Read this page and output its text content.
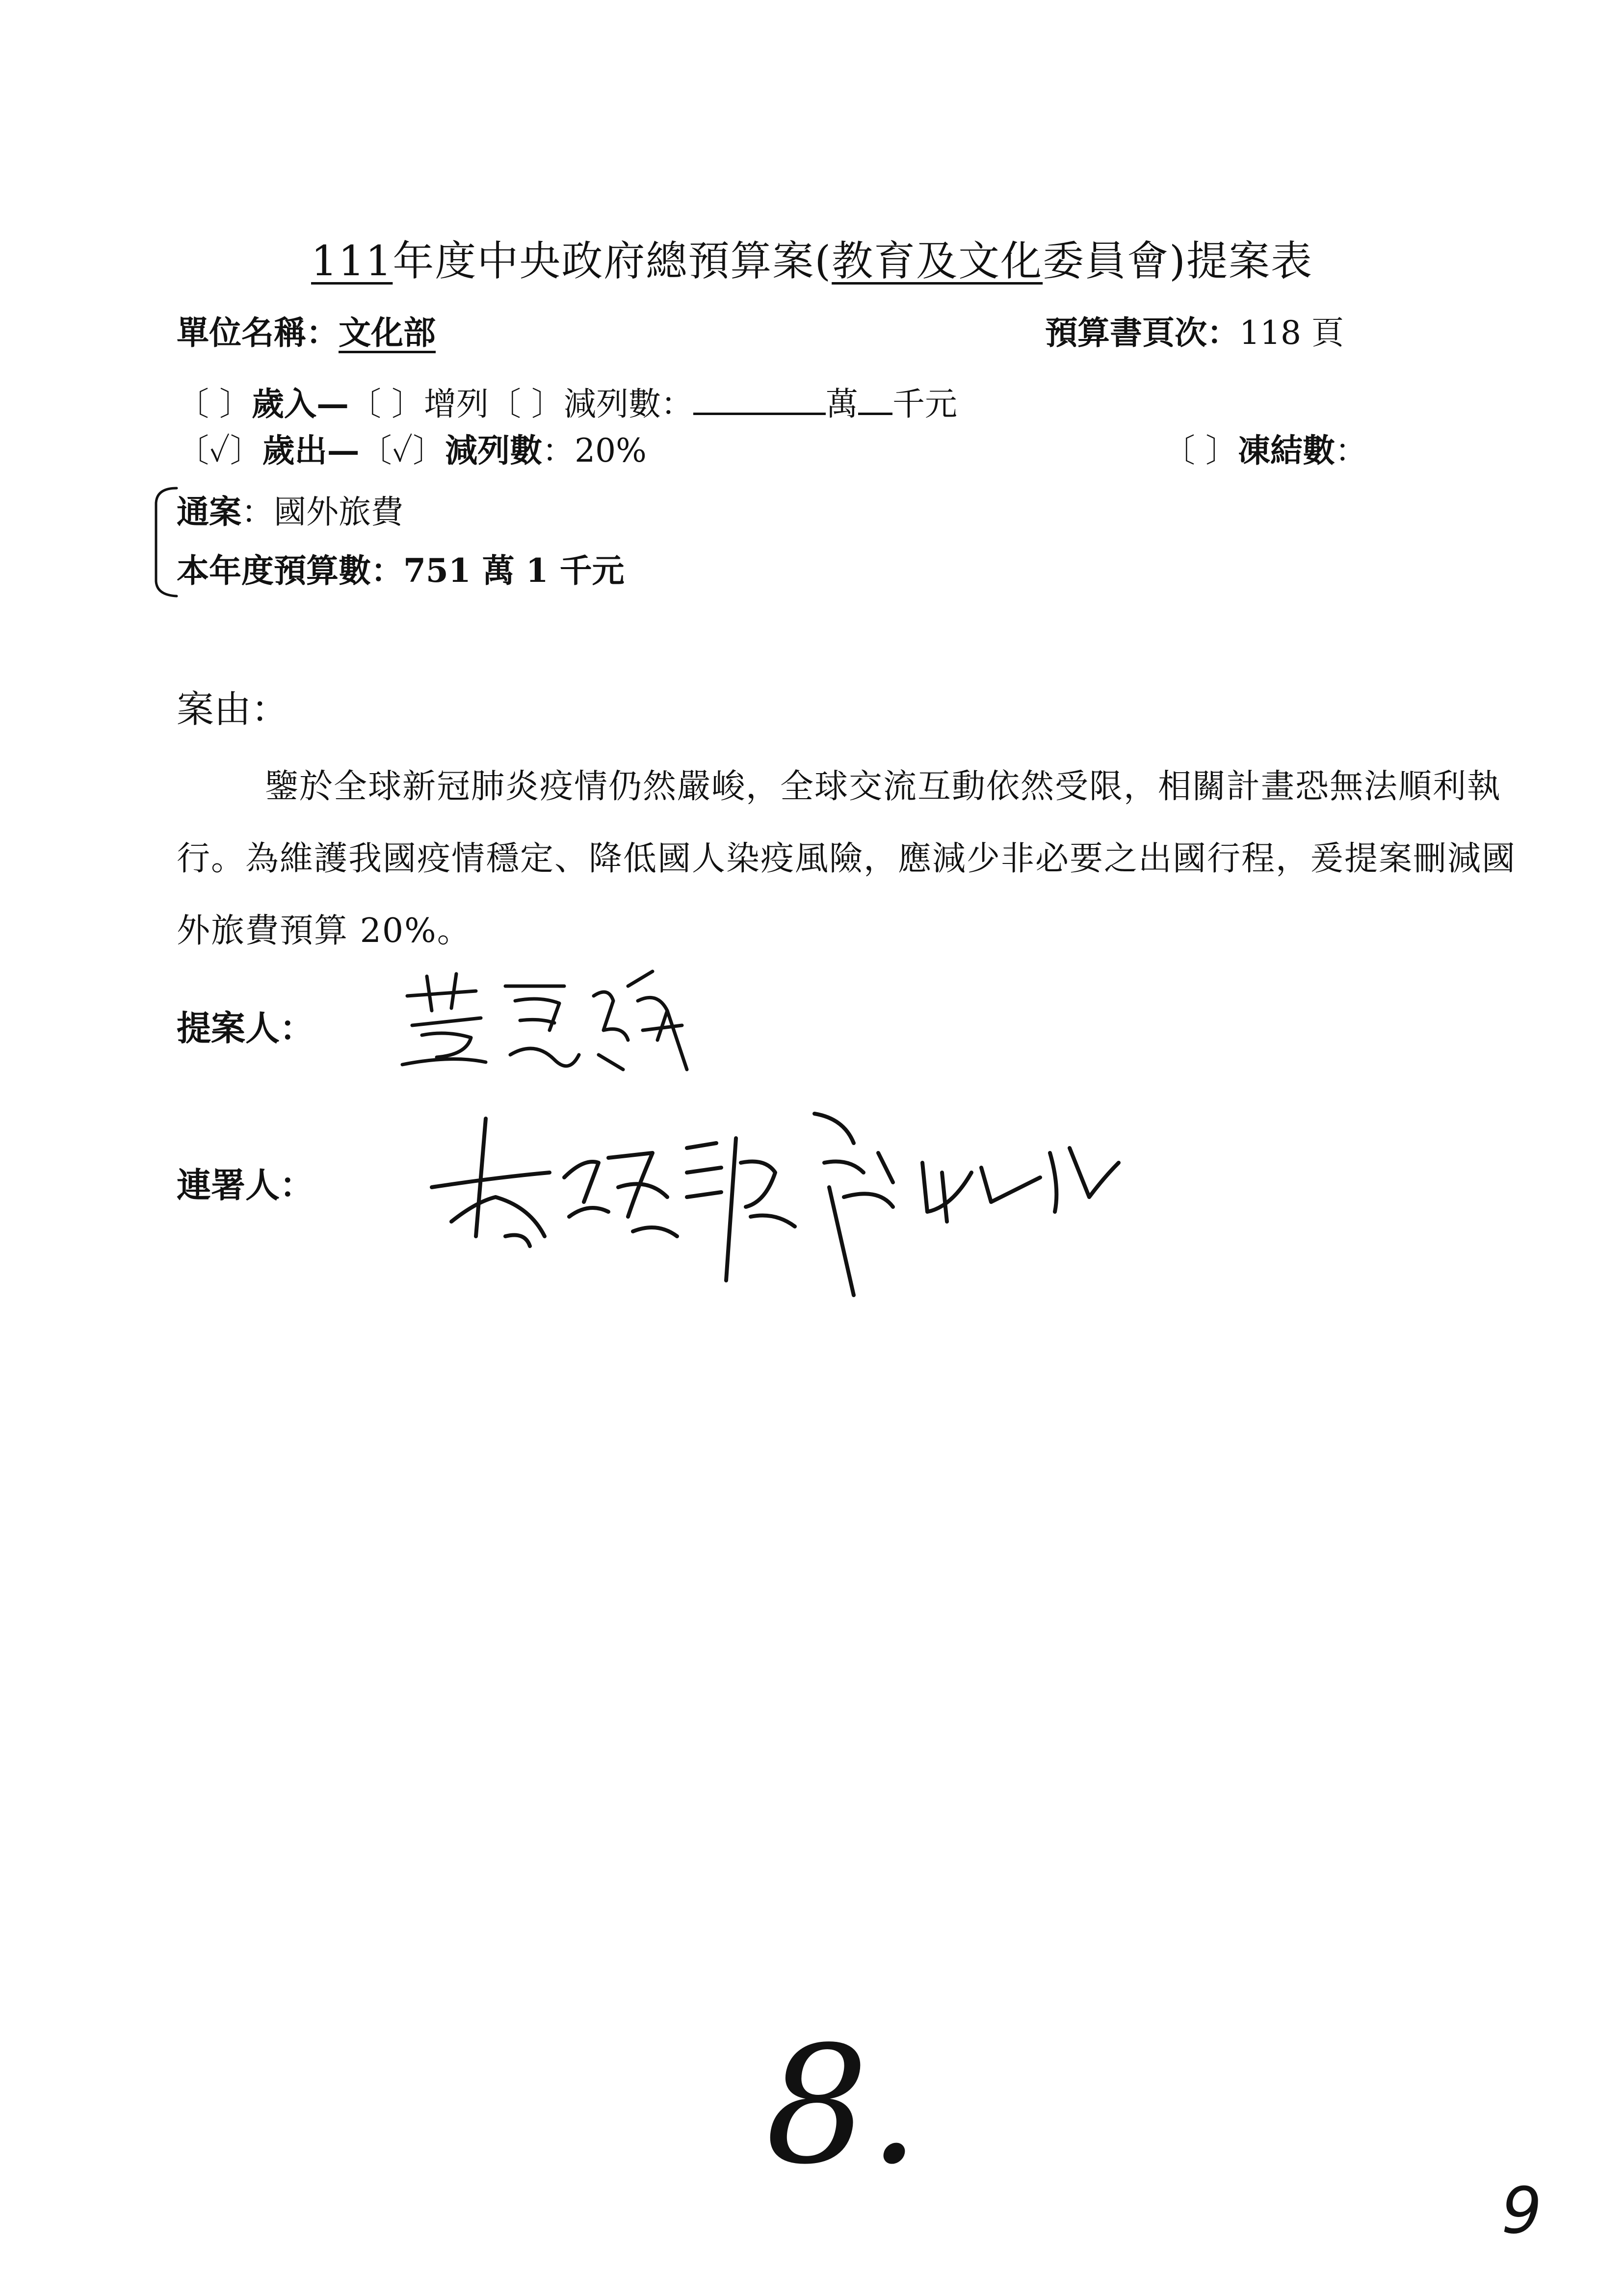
111年度中央政府總預算案(教育及文化委員會)提案表
單位名稱：文化部	預算書頁次：118 頁
〔 〕歲入—〔 〕增列〔 〕減列數：	萬 千元
〔✓〕歲出—〔✓〕減列數：20%	〔 〕凍結數：
通案：國外旅費
本年度預算數：751 萬 1 千元
案由：
鑒於全球新冠肺炎疫情仍然嚴峻，全球交流互動依然受限，相關計畫恐無法順利執行。為維護我國疫情穩定、降低國人染疫風險，應減少非必要之出國行程，爰提案刪減國外旅費預算 20%。
提案人：
連署人：
8.
9
